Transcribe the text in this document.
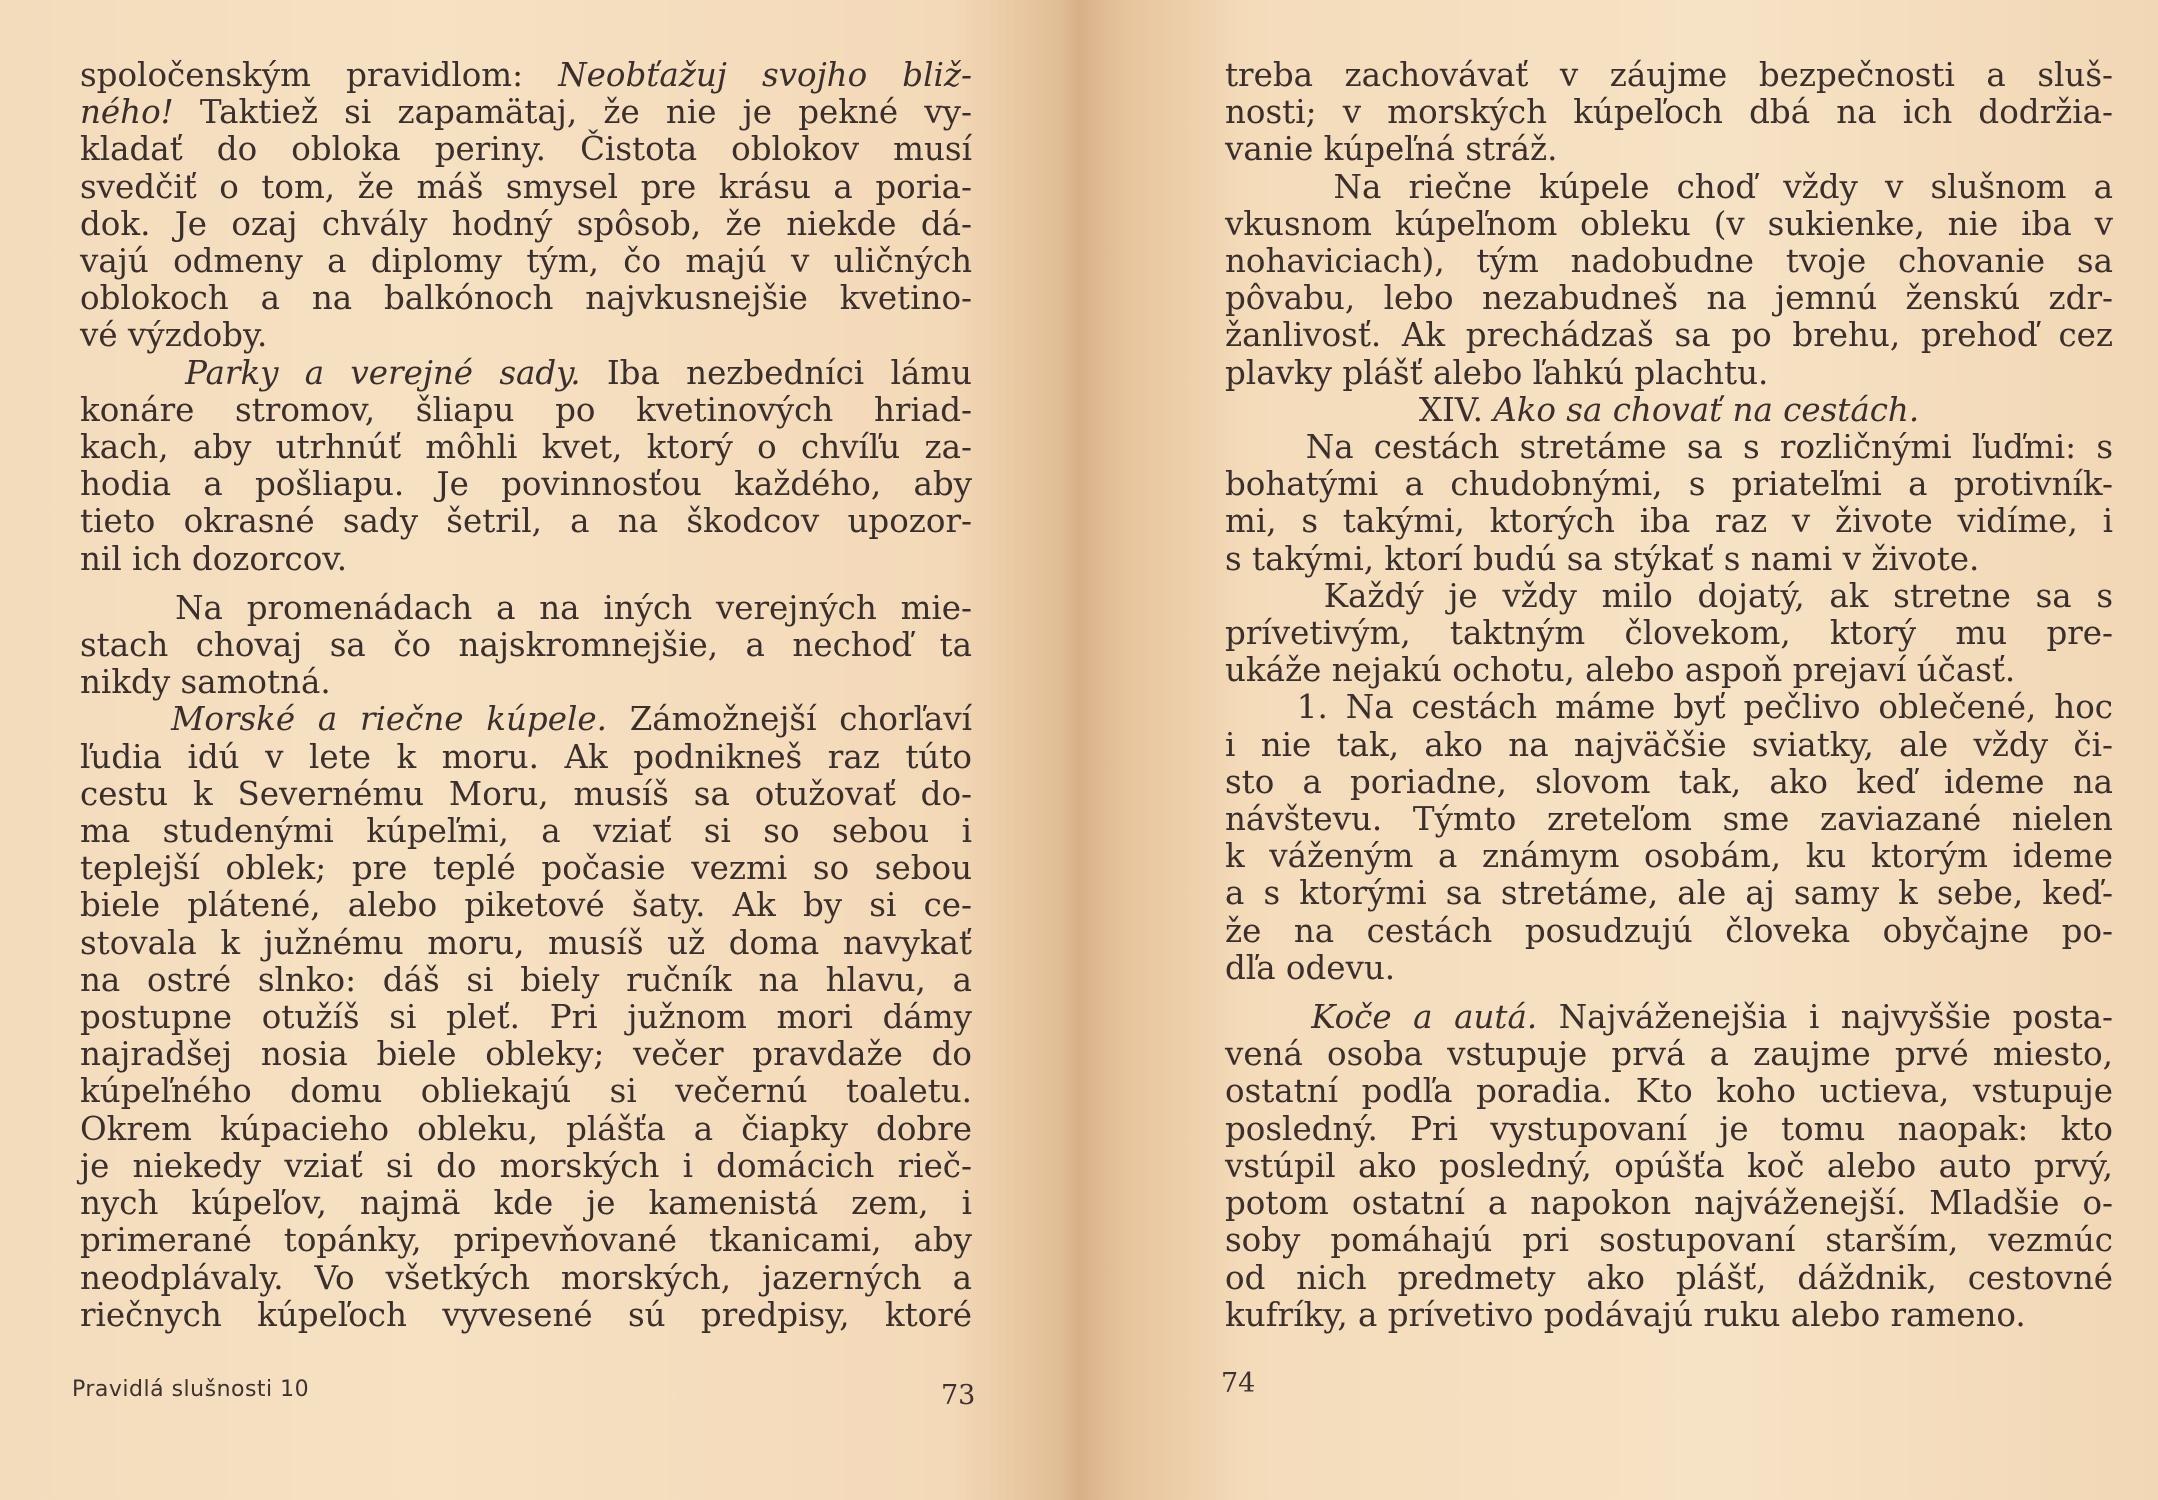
spoločenským pravidlom: Neobťažuj svojho bliž-
ného! Taktiež si zapamätaj, že nie je pekné vy-
kladať do obloka periny. Čistota oblokov musí
svedčiť o tom, že máš smysel pre krásu a poria-
dok. Je ozaj chvály hodný spôsob, že niekde dá-
vajú odmeny a diplomy tým, čo majú v uličných
oblokoch a na balkónoch najvkusnejšie kvetino-
vé výzdoby.
Parky a verejné sady. Iba nezbedníci lámu
konáre stromov, šliapu po kvetinových hriad-
kach, aby utrhnúť môhli kvet, ktorý o chvíľu za-
hodia a pošliapu. Je povinnosťou každého, aby
tieto okrasné sady šetril, a na škodcov upozor-
nil ich dozorcov.
Na promenádach a na iných verejných mie-
stach chovaj sa čo najskromnejšie, a nechoď ta
nikdy samotná.
Morské a riečne kúpele. Zámožnejší chorľaví
ľudia idú v lete k moru. Ak podnikneš raz túto
cestu k Severnému Moru, musíš sa otužovať do-
ma studenými kúpeľmi, a vziať si so sebou i
teplejší oblek; pre teplé počasie vezmi so sebou
biele plátené, alebo piketové šaty. Ak by si ce-
stovala k južnému moru, musíš už doma navykať
na ostré slnko: dáš si biely ručník na hlavu, a
postupne otužíš si pleť. Pri južnom mori dámy
najradšej nosia biele obleky; večer pravdaže do
kúpeľného domu obliekajú si večernú toaletu.
Okrem kúpacieho obleku, plášťa a čiapky dobre
je niekedy vziať si do morských i domácich rieč-
nych kúpeľov, najmä kde je kamenistá zem, i
primerané topánky, pripevňované tkanicami, aby
neodplávaly. Vo všetkých morských, jazerných a
riečnych kúpeľoch vyvesené sú predpisy, ktoré
Pravidlá slušnosti 10	73
treba zachovávať v záujme bezpečnosti a sluš-
nosti; v morských kúpeľoch dbá na ich dodržia-
vanie kúpeľná stráž.
Na riečne kúpele choď vždy v slušnom a
vkusnom kúpeľnom obleku (v sukienke, nie iba v
nohaviciach), tým nadobudne tvoje chovanie sa
pôvabu, lebo nezabudneš na jemnú ženskú zdr-
žanlivosť. Ak prechádzaš sa po brehu, prehoď cez
plavky plášť alebo ľahkú plachtu.
XIV. Ako sa chovať na cestách.
Na cestách stretáme sa s rozličnými ľuďmi: s
bohatými a chudobnými, s priateľmi a protivník-
mi, s takými, ktorých iba raz v živote vidíme, i
s takými, ktorí budú sa stýkať s nami v živote.
Každý je vždy milo dojatý, ak stretne sa s
prívetivým, taktným človekom, ktorý mu pre-
ukáže nejakú ochotu, alebo aspoň prejaví účasť.
1. Na cestách máme byť pečlivo oblečené, hoc
i nie tak, ako na najväčšie sviatky, ale vždy či-
sto a poriadne, slovom tak, ako keď ideme na
návštevu. Týmto zreteľom sme zaviazané nielen
k váženým a známym osobám, ku ktorým ideme
a s ktorými sa stretáme, ale aj samy k sebe, keď-
že na cestách posudzujú človeka obyčajne po-
dľa odevu.
Koče a autá. Najváženejšia i najvyššie posta-
vená osoba vstupuje prvá a zaujme prvé miesto,
ostatní podľa poradia. Kto koho uctieva, vstupuje
posledný. Pri vystupovaní je tomu naopak: kto
vstúpil ako posledný, opúšťa koč alebo auto prvý,
potom ostatní a napokon najváženejší. Mladšie o-
soby pomáhajú pri sostupovaní starším, vezmúc
od nich predmety ako plášť, dáždnik, cestovné
kufríky, a prívetivo podávajú ruku alebo rameno.
74
